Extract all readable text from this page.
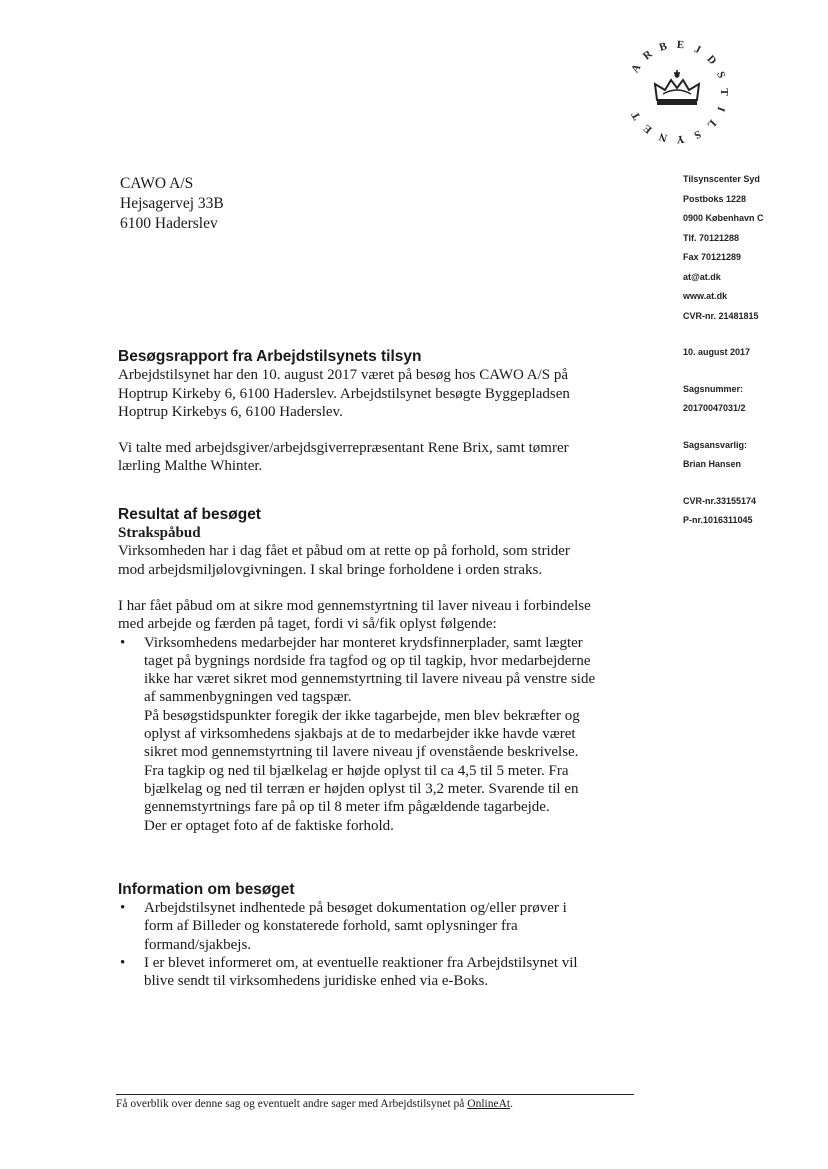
A
R
B E J
D
S
T
I
L
S
Y
N
E
T
CAWO A/S
Hejsagervej 33B
6100 Haderslev
Tilsynscenter Syd
Postboks 1228
0900 København C
Tlf. 70121288
Fax 70121289
at@at.dk
www.at.dk
CVR-nr. 21481815
10. august 2017
Sagsnummer:
20170047031/2
Sagsansvarlig:
Brian Hansen
CVR-nr.33155174
P-nr.1016311045
Besøgsrapport fra Arbejdstilsynets tilsyn
Arbejdstilsynet har den 10. august 2017 været på besøg hos CAWO A/S på
Hoptrup Kirkeby 6, 6100 Haderslev. Arbejdstilsynet besøgte Byggepladsen
Hoptrup Kirkebys 6, 6100 Haderslev.
Vi talte med arbejdsgiver/arbejdsgiverrepræsentant Rene Brix, samt tømrer
lærling Malthe Whinter.
Resultat af besøget
Strakspåbud
Virksomheden har i dag fået et påbud om at rette op på forhold, som strider
mod arbejdsmiljølovgivningen. I skal bringe forholdene i orden straks.
I har fået påbud om at sikre mod gennemstyrtning til laver niveau i forbindelse
med arbejde og færden på taget, fordi vi så/fik oplyst følgende:
• Virksomhedens medarbejder har monteret krydsfinnerplader, samt lægter
taget på bygnings nordside fra tagfod og op til tagkip, hvor medarbejderne
ikke har været sikret mod gennemstyrtning til lavere niveau på venstre side
af sammenbygningen ved tagspær.
På besøgstidspunkter foregik der ikke tagarbejde, men blev bekræfter og
oplyst af virksomhedens sjakbajs at de to medarbejder ikke havde været
sikret mod gennemstyrtning til lavere niveau jf ovenstående beskrivelse.
Fra tagkip og ned til bjælkelag er højde oplyst til ca 4,5 til 5 meter. Fra
bjælkelag og ned til terræn er højden oplyst til 3,2 meter. Svarende til en
gennemstyrtnings fare på op til 8 meter ifm pågældende tagarbejde.
Der er optaget foto af de faktiske forhold.
Information om besøget
• Arbejdstilsynet indhentede på besøget dokumentation og/eller prøver i
form af Billeder og konstaterede forhold, samt oplysninger fra
formand/sjakbejs.
• I er blevet informeret om, at eventuelle reaktioner fra Arbejdstilsynet vil
blive sendt til virksomhedens juridiske enhed via e-Boks.
Få overblik over denne sag og eventuelt andre sager med Arbejdstilsynet på OnlineAt.
